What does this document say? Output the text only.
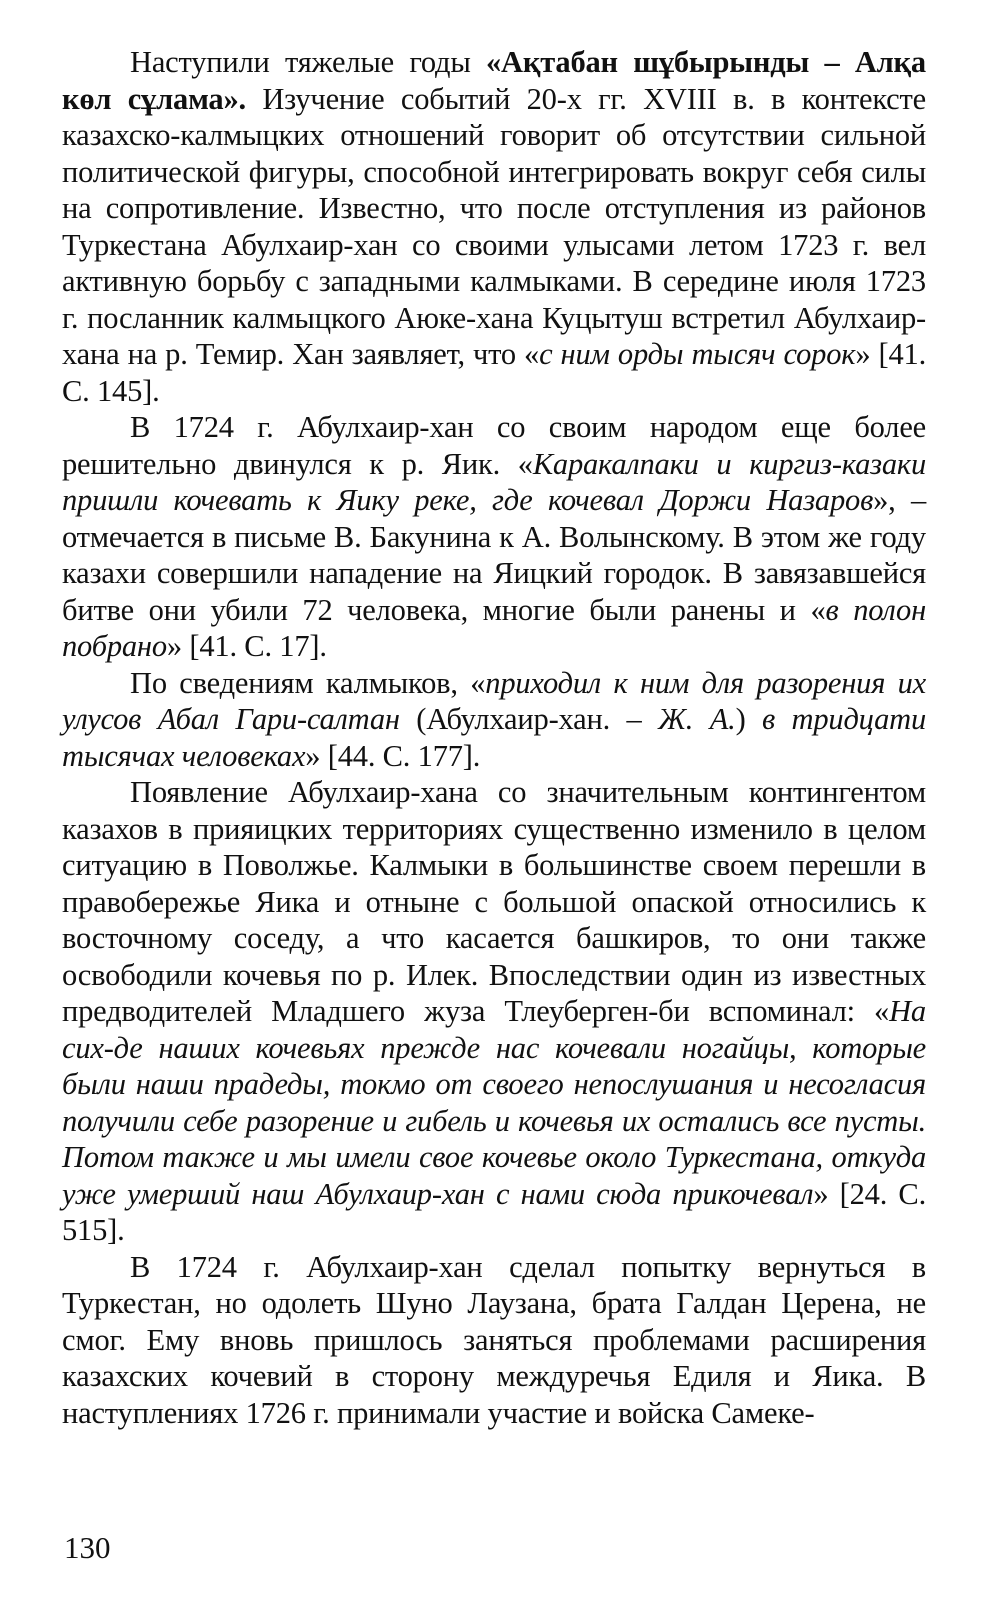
Наступили тяжелые годы «Ақтабан шұбырынды – Алқа көл сұлама». Изучение событий 20-х гг. XVIII в. в контексте казахско-калмыцких отношений говорит об отсутствии сильной политической фигуры, способной интегрировать вокруг себя силы на сопротивление. Известно, что после отступления из районов Туркестана Абулхаир-хан со своими улысами летом 1723 г. вел активную борьбу с западными калмыками. В середине июля 1723 г. посланник калмыцкого Аюке-хана Куцытуш встретил Абулхаир-хана на р. Темир. Хан заявляет, что «с ним орды тысяч сорок» [41. С. 145].

В 1724 г. Абулхаир-хан со своим народом еще более решительно двинулся к р. Яик. «Каракалпаки и киргиз-казаки пришли кочевать к Яику реке, где кочевал Доржи Назаров», – отмечается в письме В. Бакунина к А. Волынскому. В этом же году казахи совершили нападение на Яицкий городок. В завязавшейся битве они убили 72 человека, многие были ранены и «в полон побрано» [41. С. 17].

По сведениям калмыков, «приходил к ним для разорения их улусов Абал Гари-салтан (Абулхаир-хан. – Ж. А.) в тридцати тысячах человеках» [44. С. 177].

Появление Абулхаир-хана со значительным контингентом казахов в прияицких территориях существенно изменило в целом ситуацию в Поволжье. Калмыки в большинстве своем перешли в правобережье Яика и отныне с большой опаской относились к восточному соседу, а что касается башкиров, то они также освободили кочевья по р. Илек. Впоследствии один из известных предводителей Младшего жуза Тлеуберген-би вспоминал: «На сих-де наших кочевьях прежде нас кочевали ногайцы, которые были наши прадеды, токмо от своего непослушания и несогласия получили себе разорение и гибель и кочевья их остались все пусты. Потом также и мы имели свое кочевье около Туркестана, откуда уже умерший наш Абулхаир-хан с нами сюда прикочевал» [24. С. 515].

В 1724 г. Абулхаир-хан сделал попытку вернуться в Туркестан, но одолеть Шуно Лаузана, брата Галдан Церена, не смог. Ему вновь пришлось заняться проблемами расширения казахских кочевий в сторону междуречья Едиля и Яика. В наступлениях 1726 г. принимали участие и войска Самеке-

130
